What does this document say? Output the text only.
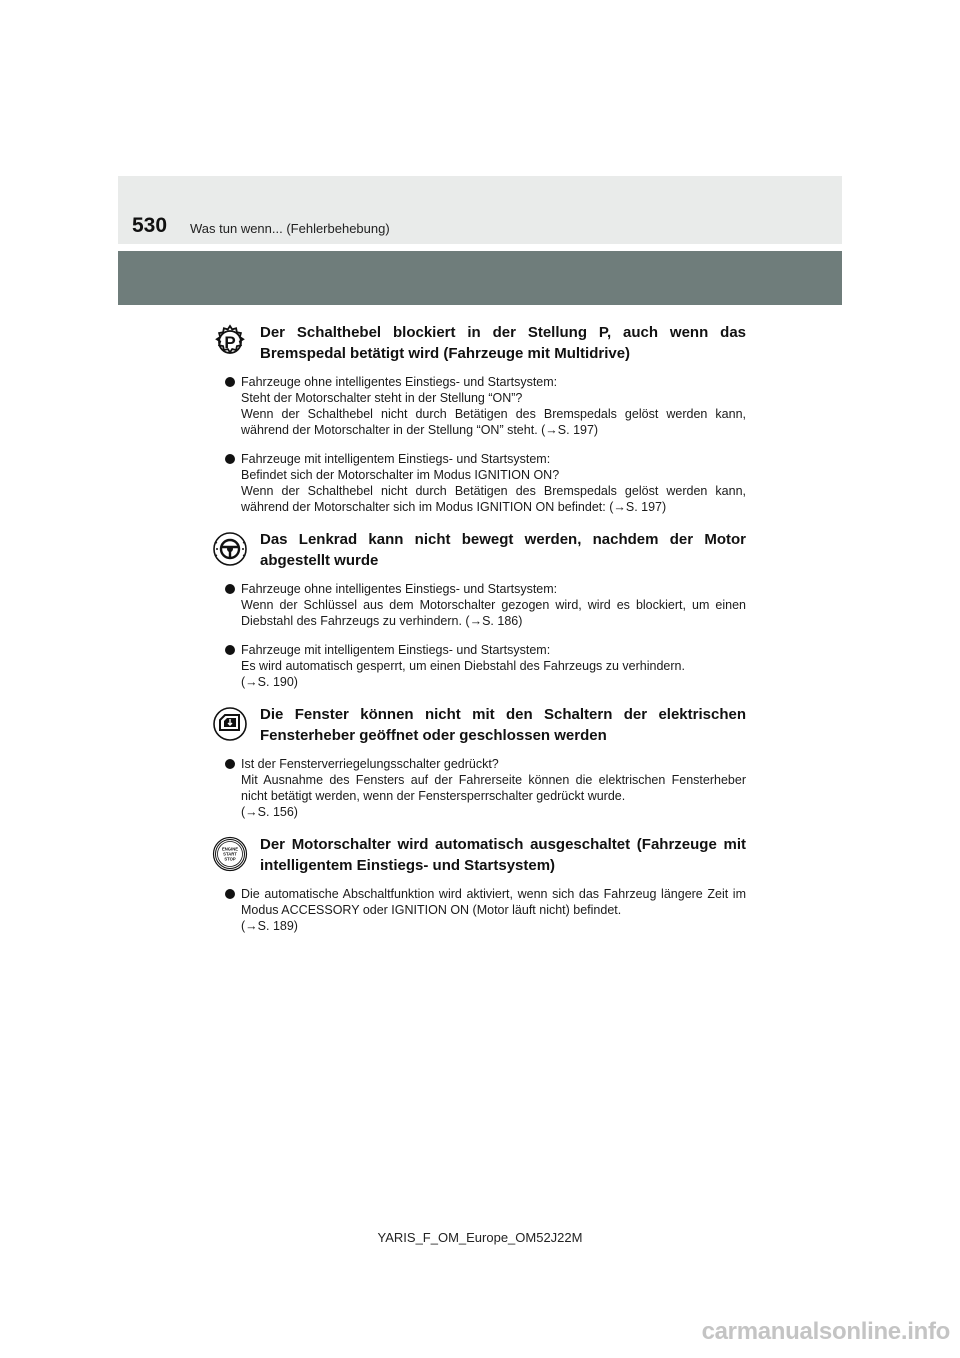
530 Was tun wenn... (Fehlerbehebung)
P
Der Schalthebel blockiert in der Stellung P, auch wenn das Bremspedal betätigt wird (Fahrzeuge mit Multidrive)
Fahrzeuge ohne intelligentes Einstiegs- und Startsystem:
Steht der Motorschalter steht in der Stellung “ON”?
Wenn der Schalthebel nicht durch Betätigen des Bremspedals gelöst werden kann, während der Motorschalter in der Stellung “ON” steht. (→S. 197)
Fahrzeuge mit intelligentem Einstiegs- und Startsystem:
Befindet sich der Motorschalter im Modus IGNITION ON?
Wenn der Schalthebel nicht durch Betätigen des Bremspedals gelöst werden kann, während der Motorschalter sich im Modus IGNITION ON befindet: (→S. 197)
Das Lenkrad kann nicht bewegt werden, nachdem der Motor abgestellt wurde
Fahrzeuge ohne intelligentes Einstiegs- und Startsystem:
Wenn der Schlüssel aus dem Motorschalter gezogen wird, wird es blockiert, um einen Diebstahl des Fahrzeugs zu verhindern. (→S. 186)
Fahrzeuge mit intelligentem Einstiegs- und Startsystem:
Es wird automatisch gesperrt, um einen Diebstahl des Fahrzeugs zu verhindern.
(→S. 190)
Die Fenster können nicht mit den Schaltern der elektrischen Fensterheber geöffnet oder geschlossen werden
Ist der Fensterverriegelungsschalter gedrückt?
Mit Ausnahme des Fensters auf der Fahrerseite können die elektrischen Fensterheber nicht betätigt werden, wenn der Fenstersperrschalter gedrückt wurde.
(→S. 156)
ENGINE
START
STOP
Der Motorschalter wird automatisch ausgeschaltet (Fahrzeuge mit intelligentem Einstiegs- und Startsystem)
Die automatische Abschaltfunktion wird aktiviert, wenn sich das Fahrzeug längere Zeit im Modus ACCESSORY oder IGNITION ON (Motor läuft nicht) befindet.
(→S. 189)
YARIS_F_OM_Europe_OM52J22M
carmanualsonline.info
